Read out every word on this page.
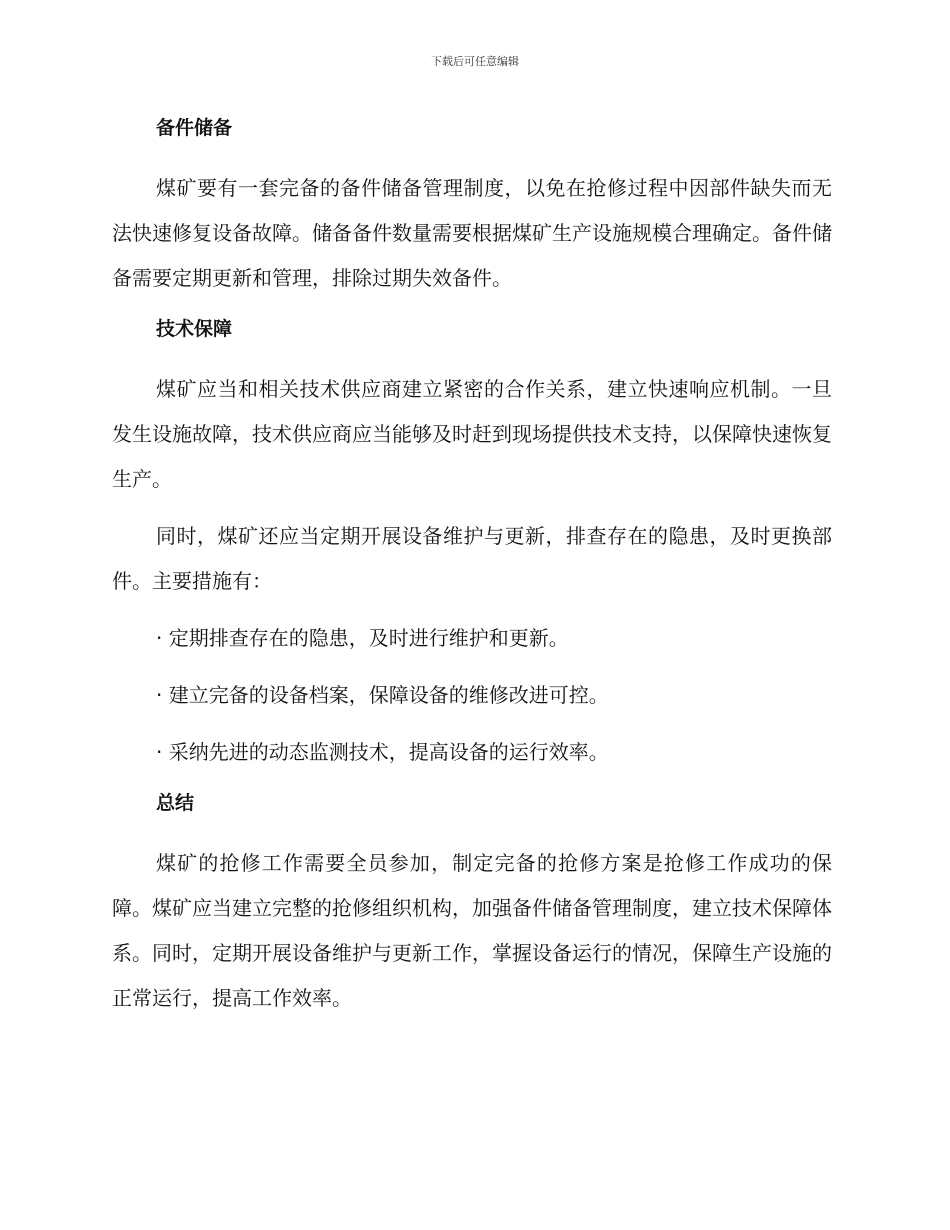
下载后可任意编辑
备件储备

煤矿要有一套完备的备件储备管理制度，以免在抢修过程中因部件缺失而无法快速修复设备故障。储备备件数量需要根据煤矿生产设施规模合理确定。备件储备需要定期更新和管理，排除过期失效备件。

技术保障

煤矿应当和相关技术供应商建立紧密的合作关系，建立快速响应机制。一旦发生设施故障，技术供应商应当能够及时赶到现场提供技术支持，以保障快速恢复生产。

同时，煤矿还应当定期开展设备维护与更新，排查存在的隐患，及时更换部件。主要措施有：

· 定期排查存在的隐患，及时进行维护和更新。
· 建立完备的设备档案，保障设备的维修改进可控。
· 采纳先进的动态监测技术，提高设备的运行效率。
总结

煤矿的抢修工作需要全员参加，制定完备的抢修方案是抢修工作成功的保障。煤矿应当建立完整的抢修组织机构，加强备件储备管理制度，建立技术保障体系。同时，定期开展设备维护与更新工作，掌握设备运行的情况，保障生产设施的正常运行，提高工作效率。
